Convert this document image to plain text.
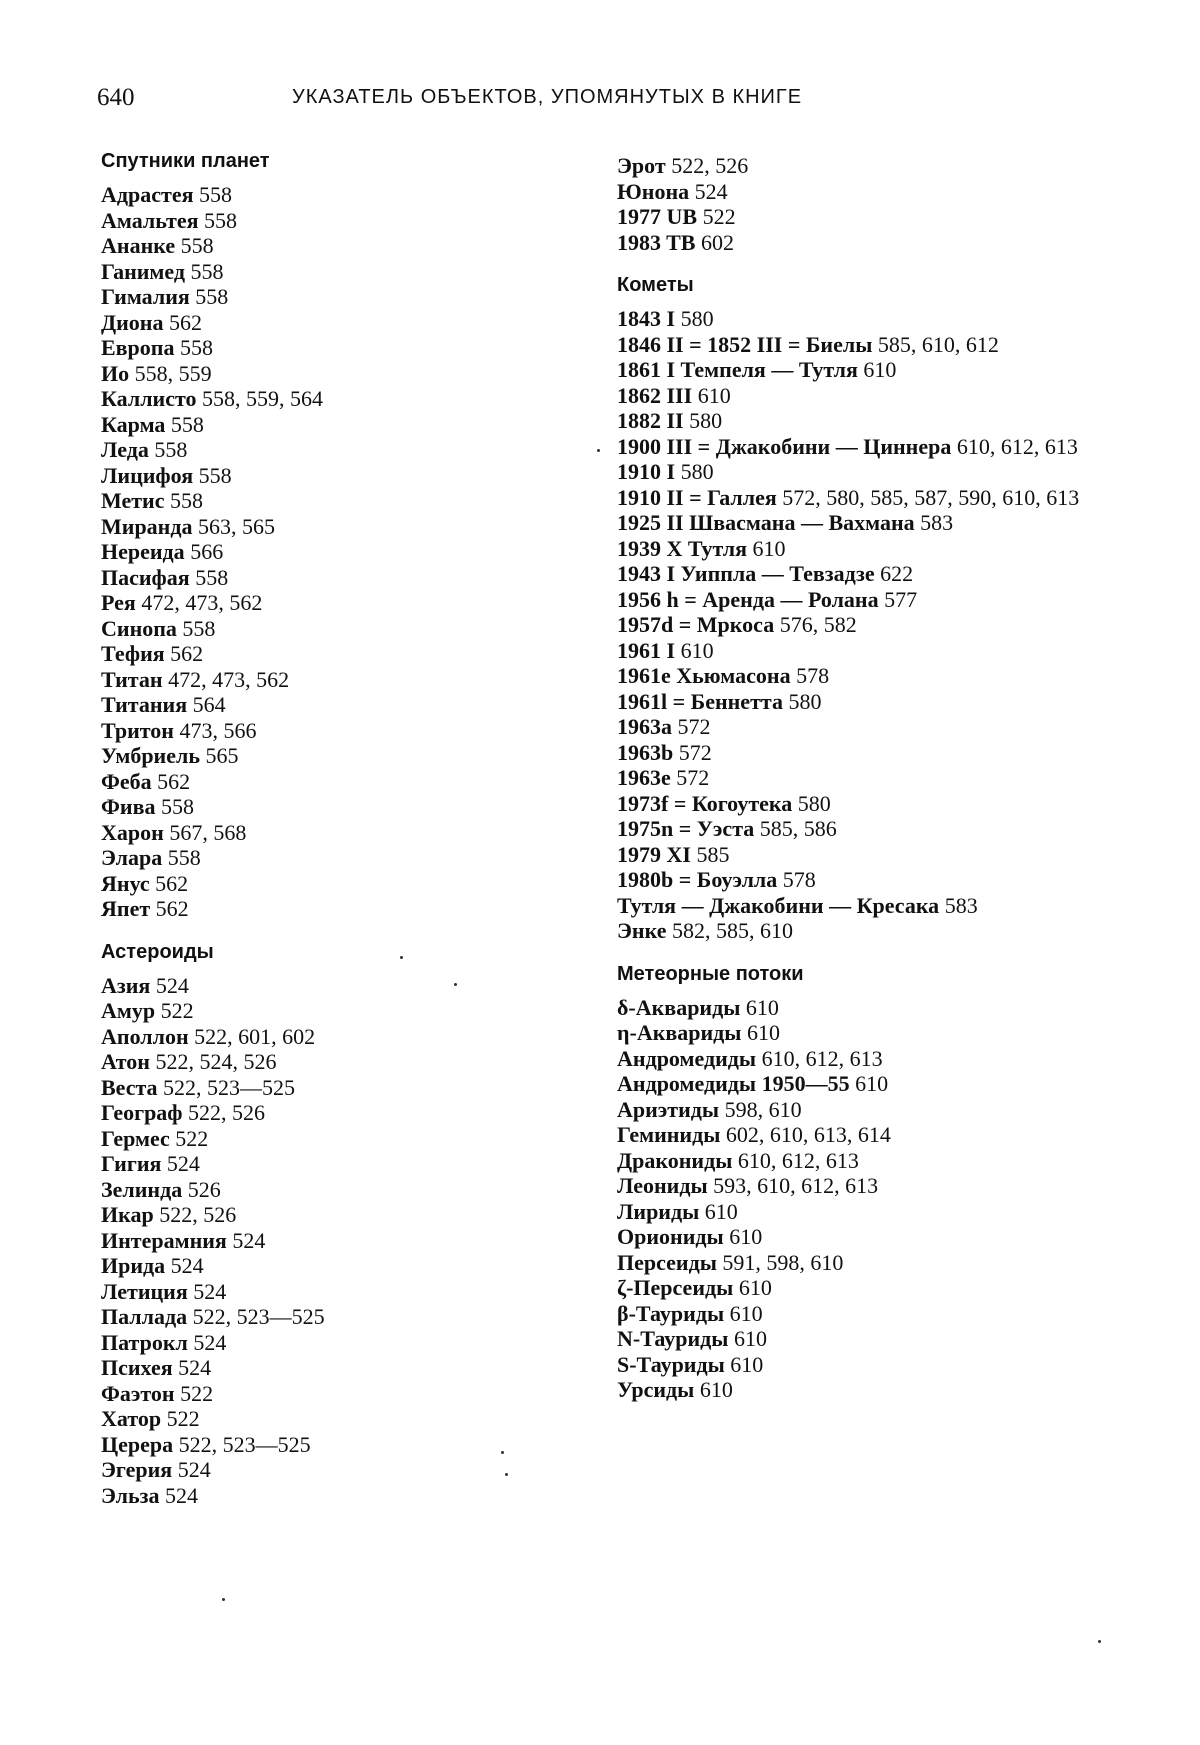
640	УКАЗАТЕЛЬ ОБЪЕКТОВ, УПОМЯНУТЫХ В КНИГЕ
Спутники планет
Адрастея 558
Амальтея 558
Ананке 558
Ганимед 558
Гималия 558
Диона 562
Европа 558
Ио 558, 559
Каллисто 558, 559, 564
Карма 558
Леда 558
Лицифоя 558
Метис 558
Миранда 563, 565
Нереида 566
Пасифая 558
Рея 472, 473, 562
Синопа 558
Тефия 562
Титан 472, 473, 562
Титания 564
Тритон 473, 566
Умбриель 565
Феба 562
Фива 558
Харон 567, 568
Элара 558
Янус 562
Япет 562
Астероиды
Азия 524
Амур 522
Аполлон 522, 601, 602
Атон 522, 524, 526
Веста 522, 523—525
Географ 522, 526
Гермес 522
Гигия 524
Зелинда 526
Икар 522, 526
Интерамния 524
Ирида 524
Летиция 524
Паллада 522, 523—525
Патрокл 524
Психея 524
Фаэтон 522
Хатор 522
Церера 522, 523—525
Эгерия 524
Эльза 524
Эрот 522, 526
Юнона 524
1977 UB 522
1983 TB 602
Кометы
1843 I 580
1846 II = 1852 III = Биелы 585, 610, 612
1861 I Темпеля — Тутля 610
1862 III 610
1882 II 580
1900 III = Джакобини — Циннера 610, 612, 613
1910 I 580
1910 II = Галлея 572, 580, 585, 587, 590, 610, 613
1925 II Швасмана — Вахмана 583
1939 X Тутля 610
1943 I Уиппла — Тевзадзе 622
1956 h = Аренда — Ролана 577
1957d = Мркоса 576, 582
1961 I 610
1961e Хьюмасона 578
1961l = Беннетта 580
1963a 572
1963b 572
1963e 572
1973f = Когоутека 580
1975n = Уэста 585, 586
1979 XI 585
1980b = Боуэлла 578
Тутля — Джакобини — Кресака 583
Энке 582, 585, 610
Метеорные потоки
δ-Аквариды 610
η-Аквариды 610
Андромедиды 610, 612, 613
Андромедиды 1950—55 610
Ариэтиды 598, 610
Геминиды 602, 610, 613, 614
Дракониды 610, 612, 613
Леониды 593, 610, 612, 613
Лириды 610
Ориониды 610
Персеиды 591, 598, 610
ζ-Персеиды 610
β-Тауриды 610
N-Тауриды 610
S-Тауриды 610
Урсиды 610
